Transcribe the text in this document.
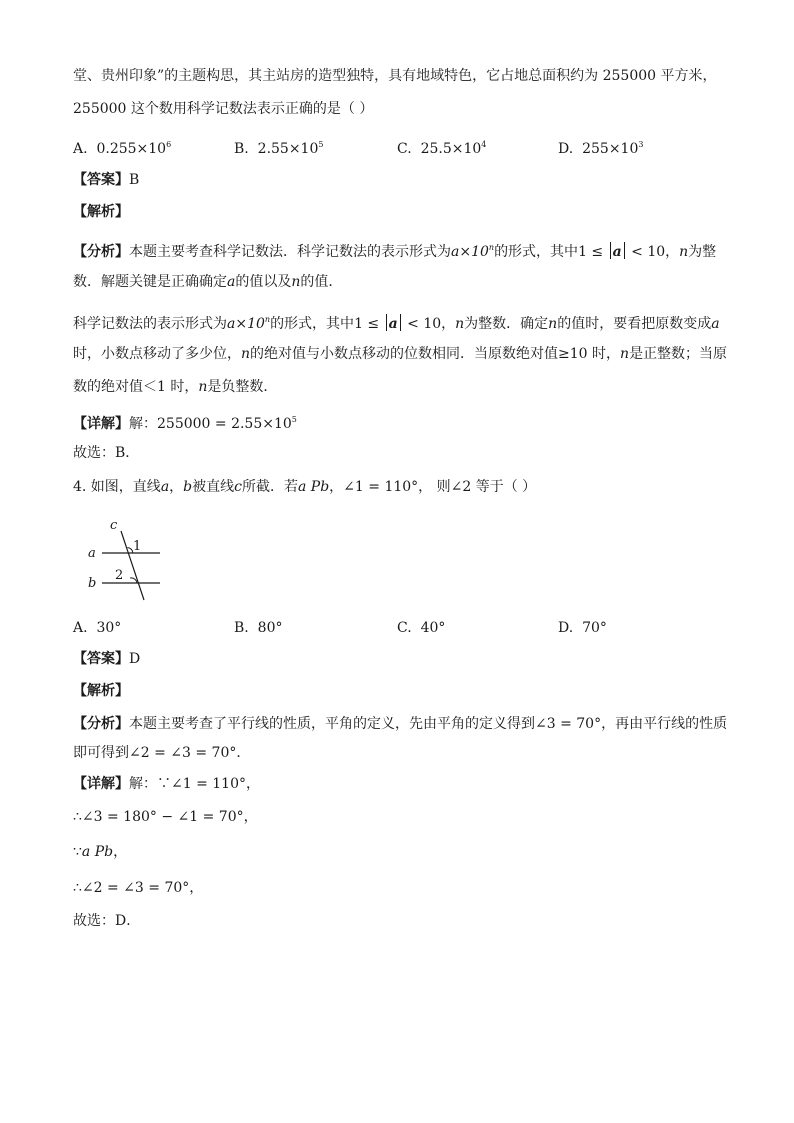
堂、贵州印象”的主题构思，其主站房的造型独特，具有地域特色，它占地总面积约为 255000 平方米，
255000 这个数用科学记数法表示正确的是（ ）
A. $0.255\times 10^6$	B. $2.55\times 10^5$	C. $25.5\times 10^4$	D. $255\times 10^3$
【答案】B
【解析】
【分析】本题主要考查科学记数法．科学记数法的表示形式为$a\times 10^n$的形式，其中1 ≤ a < 10，n为整
数．解题关键是正确确定a的值以及n的值．
科学记数法的表示形式为$a\times 10^n$的形式，其中1 ≤ a < 10，n为整数．确定n的值时，要看把原数变成a
时，小数点移动了多少位，n的绝对值与小数点移动的位数相同．当原数绝对值≥10 时，n是正整数；当原
数的绝对值＜1 时，n是负整数．
【详解】解：$255000 = 2.55\times 10^5$
故选：B．
4. 如图，直线a，b被直线c所截．若a Pb，∠1 = 110°， 则∠2 等于（ ）
c
a
b
1
2
A. 30°	B. 80°	C. 40°	D. 70°
【答案】D
【解析】
【分析】本题主要考查了平行线的性质，平角的定义，先由平角的定义得到∠3 = 70°，再由平行线的性质
即可得到∠2 = ∠3 = 70°．
【详解】解：∵∠1 = 110°，
∴∠3 = 180° − ∠1 = 70°，
∵a Pb，
∴∠2 = ∠3 = 70°，
故选：D．
